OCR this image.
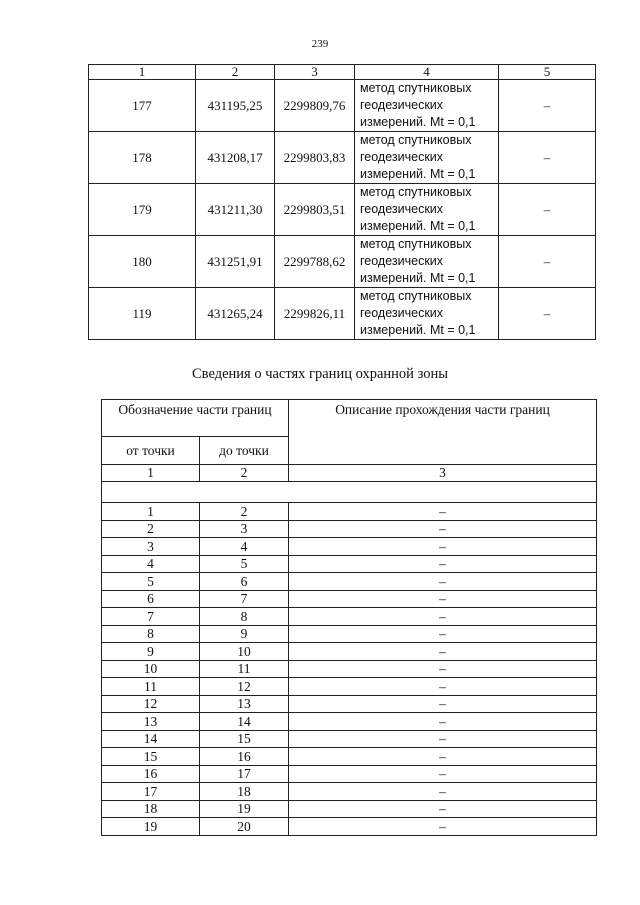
239
1	2	3	4	5
177	431195,25	2299809,76	метод спутниковых
геодезических
измерений. Mt = 0,1	–
178	431208,17	2299803,83	метод спутниковых
геодезических
измерений. Mt = 0,1	–
179	431211,30	2299803,51	метод спутниковых
геодезических
измерений. Mt = 0,1	–
180	431251,91	2299788,62	метод спутниковых
геодезических
измерений. Mt = 0,1	–
119	431265,24	2299826,11	метод спутниковых
геодезических
измерений. Mt = 0,1	–
Сведения о частях границ охранной зоны
Обозначение части границ		Описание прохождения части границ
от точки	до точки	
1	2	3

1	2	–
2	3	–
3	4	–
4	5	–
5	6	–
6	7	–
7	8	–
8	9	–
9	10	–
10	11	–
11	12	–
12	13	–
13	14	–
14	15	–
15	16	–
16	17	–
17	18	–
18	19	–
19	20	–
